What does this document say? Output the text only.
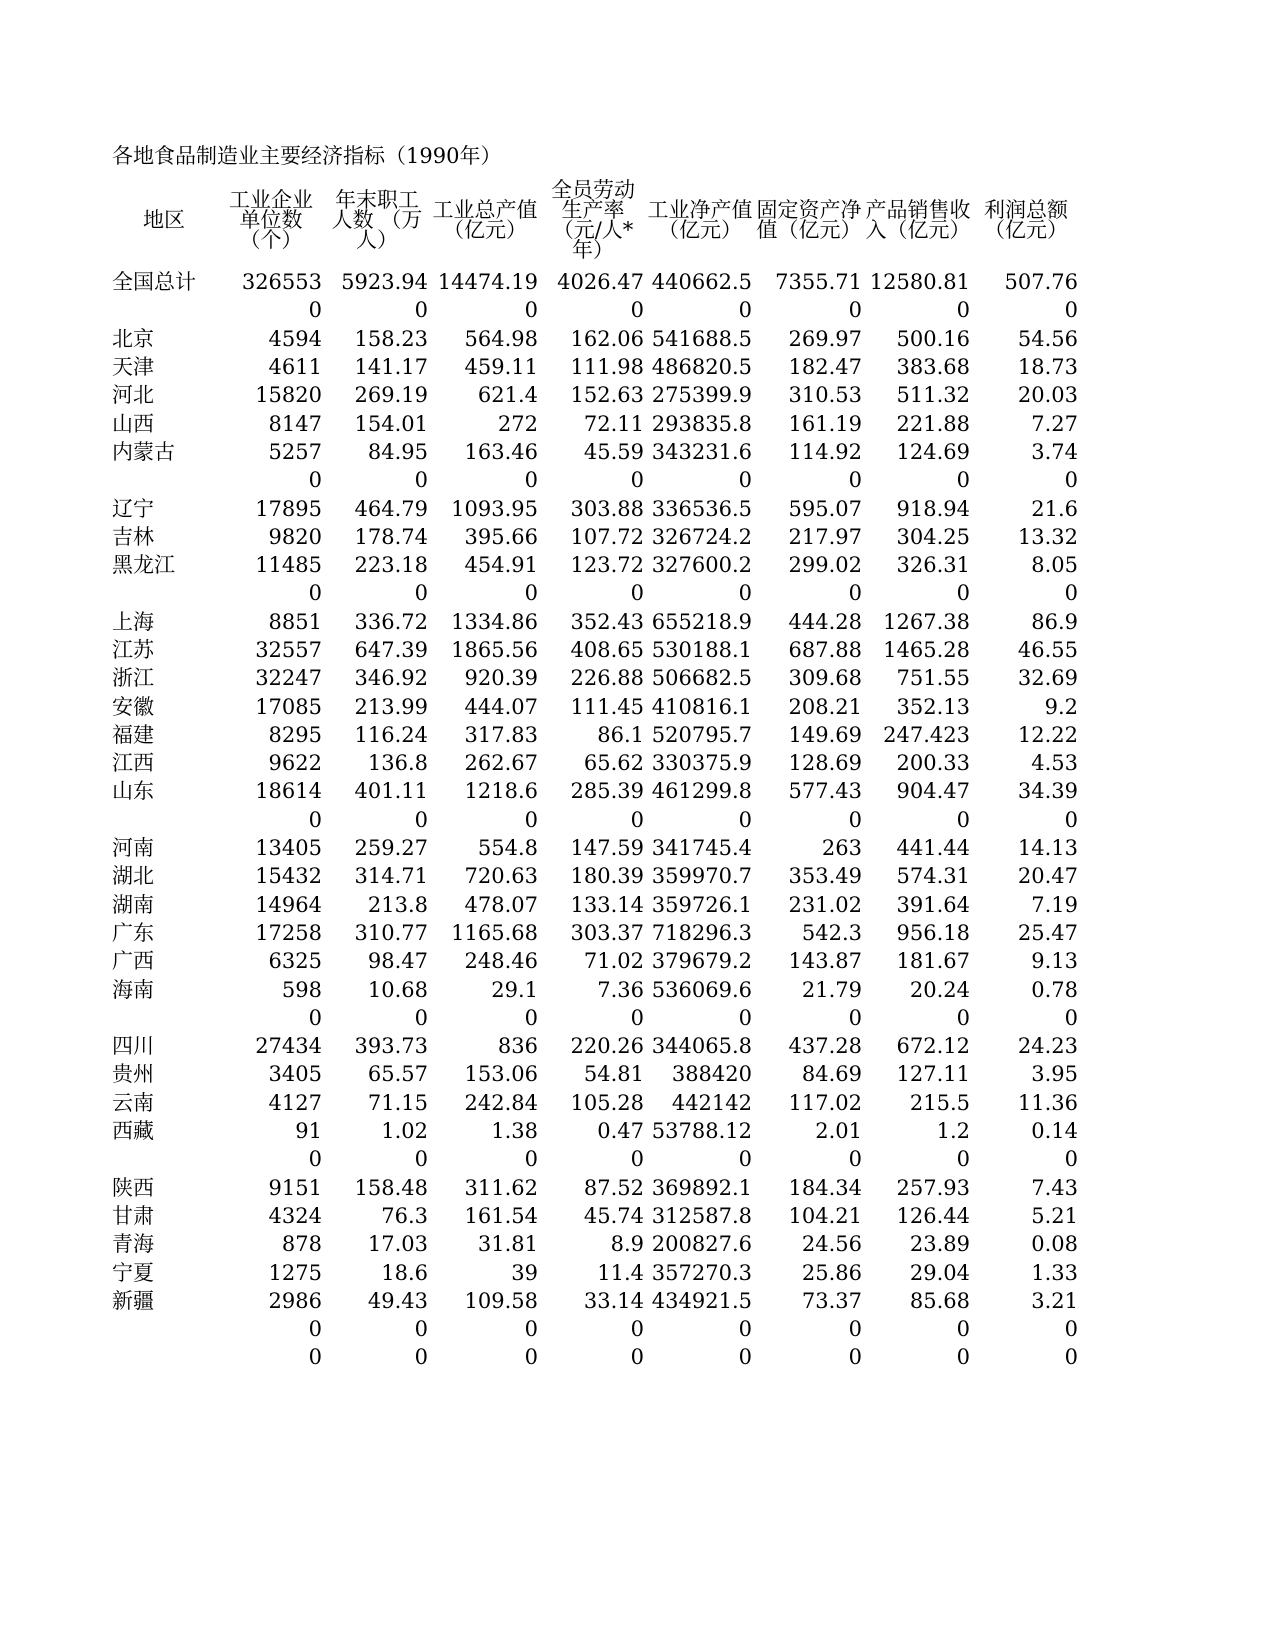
各地食品制造业主要经济指标（1990年）
地区	工业企业单位数（个）	年末职工人数 （万人）	工业总产值（亿元）	全员劳动生产率（元/人*年）	工业净产值（亿元）	固定资产净值（亿元）	产品销售收入（亿元）	利润总额（亿元）
全国总计	326553	5923.94	14474.19	4026.47	440662.5	7355.71	12580.81	507.76
	0	0	0	0	0	0	0	0
北京	4594	158.23	564.98	162.06	541688.5	269.97	500.16	54.56
天津	4611	141.17	459.11	111.98	486820.5	182.47	383.68	18.73
河北	15820	269.19	621.4	152.63	275399.9	310.53	511.32	20.03
山西	8147	154.01	272	72.11	293835.8	161.19	221.88	7.27
内蒙古	5257	84.95	163.46	45.59	343231.6	114.92	124.69	3.74
	0	0	0	0	0	0	0	0
辽宁	17895	464.79	1093.95	303.88	336536.5	595.07	918.94	21.6
吉林	9820	178.74	395.66	107.72	326724.2	217.97	304.25	13.32
黑龙江	11485	223.18	454.91	123.72	327600.2	299.02	326.31	8.05
	0	0	0	0	0	0	0	0
上海	8851	336.72	1334.86	352.43	655218.9	444.28	1267.38	86.9
江苏	32557	647.39	1865.56	408.65	530188.1	687.88	1465.28	46.55
浙江	32247	346.92	920.39	226.88	506682.5	309.68	751.55	32.69
安徽	17085	213.99	444.07	111.45	410816.1	208.21	352.13	9.2
福建	8295	116.24	317.83	86.1	520795.7	149.69	247.423	12.22
江西	9622	136.8	262.67	65.62	330375.9	128.69	200.33	4.53
山东	18614	401.11	1218.6	285.39	461299.8	577.43	904.47	34.39
	0	0	0	0	0	0	0	0
河南	13405	259.27	554.8	147.59	341745.4	263	441.44	14.13
湖北	15432	314.71	720.63	180.39	359970.7	353.49	574.31	20.47
湖南	14964	213.8	478.07	133.14	359726.1	231.02	391.64	7.19
广东	17258	310.77	1165.68	303.37	718296.3	542.3	956.18	25.47
广西	6325	98.47	248.46	71.02	379679.2	143.87	181.67	9.13
海南	598	10.68	29.1	7.36	536069.6	21.79	20.24	0.78
	0	0	0	0	0	0	0	0
四川	27434	393.73	836	220.26	344065.8	437.28	672.12	24.23
贵州	3405	65.57	153.06	54.81	388420	84.69	127.11	3.95
云南	4127	71.15	242.84	105.28	442142	117.02	215.5	11.36
西藏	91	1.02	1.38	0.47	53788.12	2.01	1.2	0.14
	0	0	0	0	0	0	0	0
陕西	9151	158.48	311.62	87.52	369892.1	184.34	257.93	7.43
甘肃	4324	76.3	161.54	45.74	312587.8	104.21	126.44	5.21
青海	878	17.03	31.81	8.9	200827.6	24.56	23.89	0.08
宁夏	1275	18.6	39	11.4	357270.3	25.86	29.04	1.33
新疆	2986	49.43	109.58	33.14	434921.5	73.37	85.68	3.21
	0	0	0	0	0	0	0	0
	0	0	0	0	0	0	0	0
